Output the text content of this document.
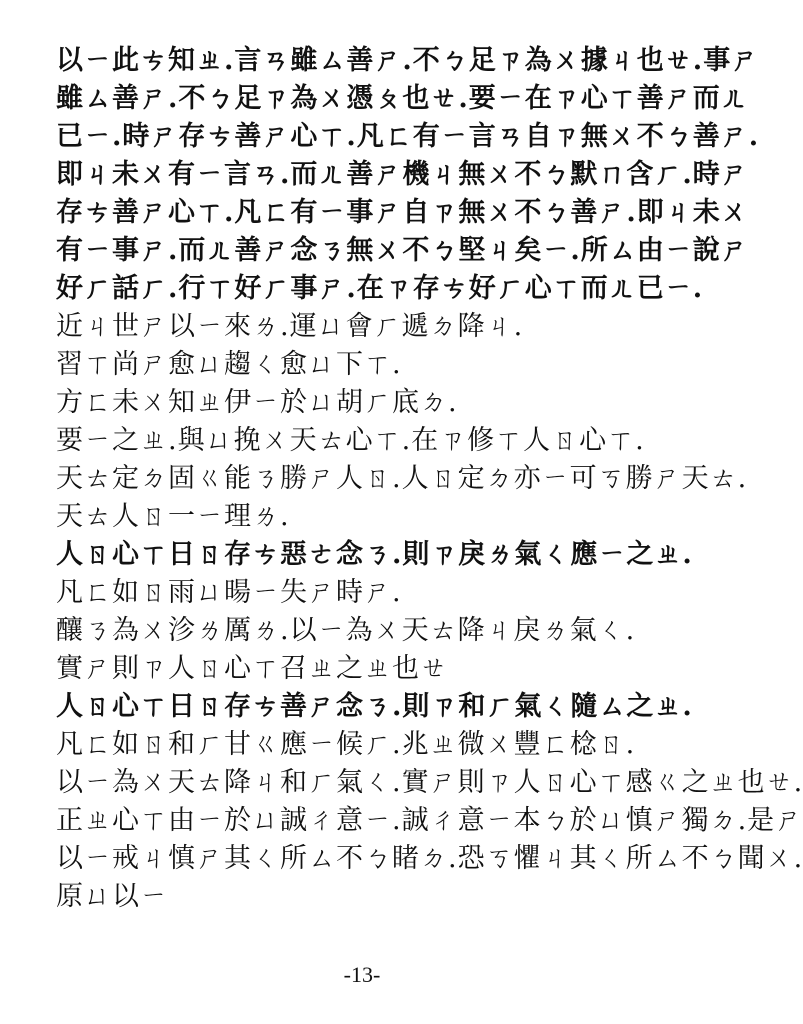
以ㄧ此ㄘ知ㄓ.言ㄢ雖ㄙ善ㄕ.不ㄅ足ㄗ為ㄨ據ㄐ也ㄝ.事ㄕ
雖ㄙ善ㄕ.不ㄅ足ㄗ為ㄨ憑ㄆ也ㄝ.要ㄧ在ㄗ心ㄒ善ㄕ而ㄦ
已ㄧ.時ㄕ存ㄘ善ㄕ心ㄒ.凡ㄈ有ㄧ言ㄢ自ㄗ無ㄨ不ㄅ善ㄕ.
即ㄐ未ㄨ有ㄧ言ㄢ.而ㄦ善ㄕ機ㄐ無ㄨ不ㄅ默ㄇ含ㄏ.時ㄕ
存ㄘ善ㄕ心ㄒ.凡ㄈ有ㄧ事ㄕ自ㄗ無ㄨ不ㄅ善ㄕ.即ㄐ未ㄨ
有ㄧ事ㄕ.而ㄦ善ㄕ念ㄋ無ㄨ不ㄅ堅ㄐ矣ㄧ.所ㄙ由ㄧ說ㄕ
好ㄏ話ㄏ.行ㄒ好ㄏ事ㄕ.在ㄗ存ㄘ好ㄏ心ㄒ而ㄦ已ㄧ.
近ㄐ世ㄕ以ㄧ來ㄌ.運ㄩ會ㄏ遞ㄉ降ㄐ.
習ㄒ尚ㄕ愈ㄩ趨ㄑ愈ㄩ下ㄒ.
方ㄈ未ㄨ知ㄓ伊ㄧ於ㄩ胡ㄏ底ㄉ.
要ㄧ之ㄓ.與ㄩ挽ㄨ天ㄊ心ㄒ.在ㄗ修ㄒ人ㄖ心ㄒ.
天ㄊ定ㄉ固ㄍ能ㄋ勝ㄕ人ㄖ.人ㄖ定ㄉ亦ㄧ可ㄎ勝ㄕ天ㄊ.
天ㄊ人ㄖ一ㄧ理ㄌ.
人ㄖ心ㄒ日ㄖ存ㄘ惡ㄜ念ㄋ.則ㄗ戾ㄌ氣ㄑ應ㄧ之ㄓ.
凡ㄈ如ㄖ雨ㄩ暘ㄧ失ㄕ時ㄕ.
釀ㄋ為ㄨ沴ㄌ厲ㄌ.以ㄧ為ㄨ天ㄊ降ㄐ戾ㄌ氣ㄑ.
實ㄕ則ㄗ人ㄖ心ㄒ召ㄓ之ㄓ也ㄝ
人ㄖ心ㄒ日ㄖ存ㄘ善ㄕ念ㄋ.則ㄗ和ㄏ氣ㄑ隨ㄙ之ㄓ.
凡ㄈ如ㄖ和ㄏ甘ㄍ應ㄧ候ㄏ.兆ㄓ微ㄨ豐ㄈ棯ㄖ.
以ㄧ為ㄨ天ㄊ降ㄐ和ㄏ氣ㄑ.實ㄕ則ㄗ人ㄖ心ㄒ感ㄍ之ㄓ也ㄝ.
正ㄓ心ㄒ由ㄧ於ㄩ誠ㄔ意ㄧ.誠ㄔ意ㄧ本ㄅ於ㄩ慎ㄕ獨ㄉ.是ㄕ
以ㄧ戒ㄐ慎ㄕ其ㄑ所ㄙ不ㄅ睹ㄉ.恐ㄎ懼ㄐ其ㄑ所ㄙ不ㄅ聞ㄨ.
原ㄩ以ㄧ
-13-
